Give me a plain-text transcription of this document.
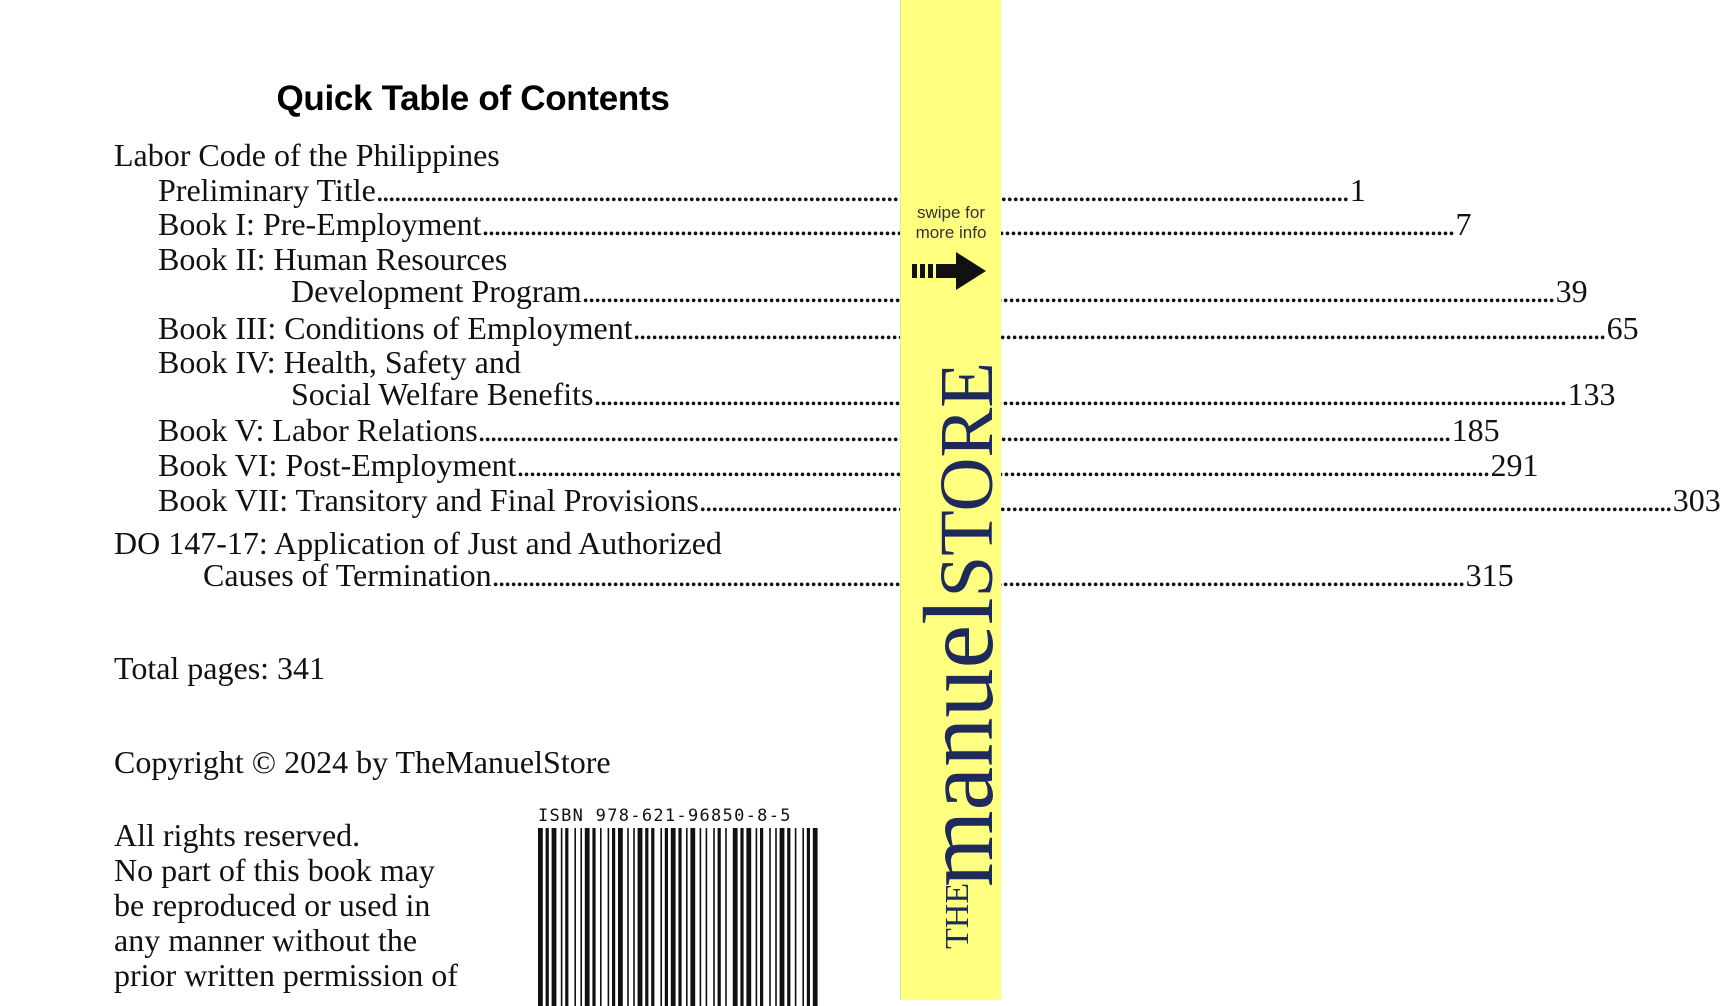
Quick Table of Contents
Labor Code of the Philippines
Preliminary Title .....	1
Book I: Pre-Employment .....	7
Book II: Human Resources
Development Program .....	39
Book III: Conditions of Employment .....	65
Book IV: Health, Safety and
Social Welfare Benefits .....	133
Book V: Labor Relations .....	185
Book VI: Post-Employment .....	291
Book VII: Transitory and Final Provisions .....	303
DO 147-17: Application of Just and Authorized
Causes of Termination .....	315
Total pages: 341
Copyright © 2024 by TheManuelStore
All rights reserved.
No part of this book may
be reproduced or used in
any manner without the
prior written permission of
ISBN 978-621-96850-8-5
swipe for
more info
THE
manuelSTORE
